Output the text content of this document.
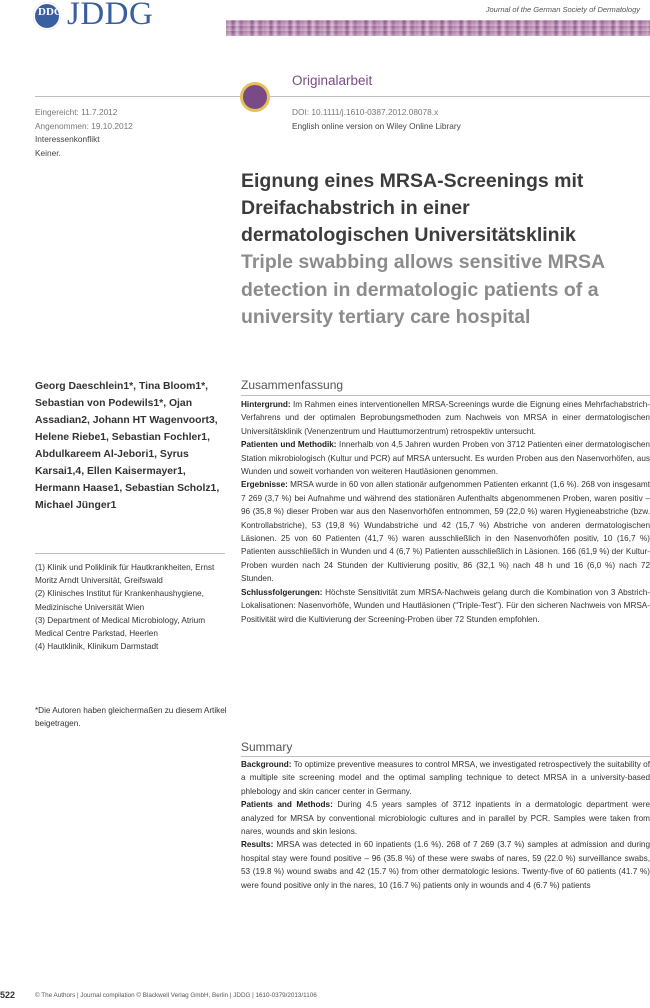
DDG JDDG	Journal of the German Society of Dermatology
Originalarbeit
Eingereicht: 11.7.2012
Angenommen: 19.10.2012
Interessenkonflikt
Keiner.
DOI: 10.1111/j.1610-0387.2012.08078.x
English online version on Wiley Online Library
Eignung eines MRSA-Screenings mit Dreifachabstrich in einer dermatologischen Universitätsklinik
Triple swabbing allows sensitive MRSA detection in dermatologic patients of a university tertiary care hospital
Georg Daeschlein1*, Tina Bloom1*, Sebastian von Podewils1*, Ojan Assadian2, Johann HT Wagenvoort3, Helene Riebe1, Sebastian Fochler1, Abdulkareem Al-Jebori1, Syrus Karsai1,4, Ellen Kaisermayer1, Hermann Haase1, Sebastian Scholz1, Michael Jünger1

(1) Klinik und Poliklinik für Hautkrankheiten, Ernst Moritz Arndt Universität, Greifswald

(2) Klinisches Institut für Krankenhaushygiene, Medizinische Universität Wien

(3) Department of Medical Microbiology, Atrium Medical Centre Parkstad, Heerlen

(4) Hautklinik, Klinikum Darmstadt

*Die Autoren haben gleichermaßen zu diesem Artikel beigetragen.
Zusammenfassung

Hintergrund: Im Rahmen eines interventionellen MRSA-Screenings wurde die Eignung eines Mehrfachabstrich-Verfahrens und der optimalen Beprobungsmethoden zum Nachweis von MRSA in einer dermatologischen Universitätsklinik (Venenzentrum und Hauttumorzentrum) retrospektiv untersucht.

Patienten und Methodik: Innerhalb von 4,5 Jahren wurden Proben von 3712 Patienten einer dermatologischen Station mikrobiologisch (Kultur und PCR) auf MRSA untersucht. Es wurden Proben aus den Nasenvorhöfen, aus Wunden und soweit vorhanden von weiteren Hautläsionen genommen.

Ergebnisse: MRSA wurde in 60 von allen stationär aufgenommen Patienten erkannt (1,6 %). 268 von insgesamt 7 269 (3,7 %) bei Aufnahme und während des stationären Aufenthalts abgenommenen Proben, waren positiv – 96 (35,8 %) dieser Proben war aus den Nasenvorhöfen entnommen, 59 (22,0 %) waren Hygieneabstriche (bzw. Kontrollabstriche), 53 (19,8 %) Wundabstriche und 42 (15,7 %) Abstriche von anderen dermatologischen Läsionen. 25 von 60 Patienten (41,7 %) waren ausschließlich in den Nasenvorhöfen positiv, 10 (16,7 %) Patienten ausschließlich in Wunden und 4 (6,7 %) Patienten ausschließlich in Läsionen. 166 (61,9 %) der Kultur-Proben wurden nach 24 Stunden der Kultivierung positiv, 86 (32,1 %) nach 48 h und 16 (6,0 %) nach 72 Stunden.

Schlussfolgerungen: Höchste Sensitivität zum MRSA-Nachweis gelang durch die Kombination von 3 Abstrich-Lokalisationen: Nasenvorhöfe, Wunden und Hautläsionen (“Triple-Test”). Für den sicheren Nachweis von MRSA-Positivität wird die Kultivierung der Screening-Proben über 72 Stunden empfohlen.

Summary

Background: To optimize preventive measures to control MRSA, we investigated retrospectively the suitability of a multiple site screening model and the optimal sampling technique to detect MRSA in a university-based phlebology and skin cancer center in Germany.

Patients and Methods: During 4.5 years samples of 3712 inpatients in a dermatologic department were analyzed for MRSA by conventional microbiologic cultures and in parallel by PCR. Samples were taken from nares, wounds and skin lesions.

Results: MRSA was detected in 60 inpatients (1.6 %). 268 of 7 269 (3.7 %) samples at admission and during hospital stay were found positive – 96 (35.8 %) of these were swabs of nares, 59 (22.0 %) surveillance swabs, 53 (19.8 %) wound swabs and 42 (15.7 %) from other dermatologic lesions. Twenty-five of 60 patients (41.7 %) were found positive only in the nares, 10 (16.7 %) patients only in wounds and 4 (6.7 %) patients

522	© The Authors | Journal compilation © Blackwell Verlag GmbH, Berlin | JDDG | 1610-0379/2013/1106
